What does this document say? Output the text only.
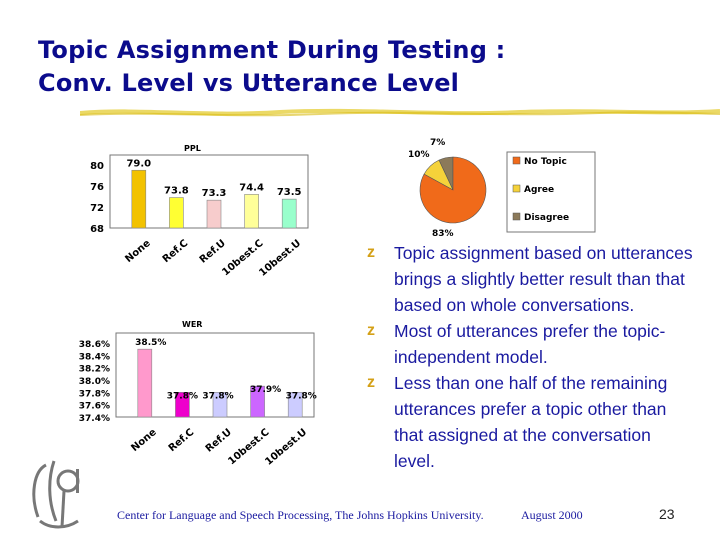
Topic Assignment During Testing :
Conv. Level vs Utterance Level
PPL
80
76
72
68
79.0
None
73.8
Ref.C
73.3
Ref.U
74.4
10best.C
73.5
10best.U
7%
10%
83%
No Topic
Agree
Disagree
WER
38.6%
38.4%
38.2%
38.0%
37.8%
37.6%
37.4%
38.5%
None
37.8%
Ref.C
37.8%
Ref.U
37.9%
10best.C
37.8%
10best.U
z Topic assignment based on utterances brings a slightly better result than that based on whole conversations.
z Most of utterances prefer the topic-independent model.
z Less than one half of the remaining utterances prefer a topic other than that assigned at the conversation level.
Center for Language and Speech Processing, The Johns Hopkins University.	August 2000	23
